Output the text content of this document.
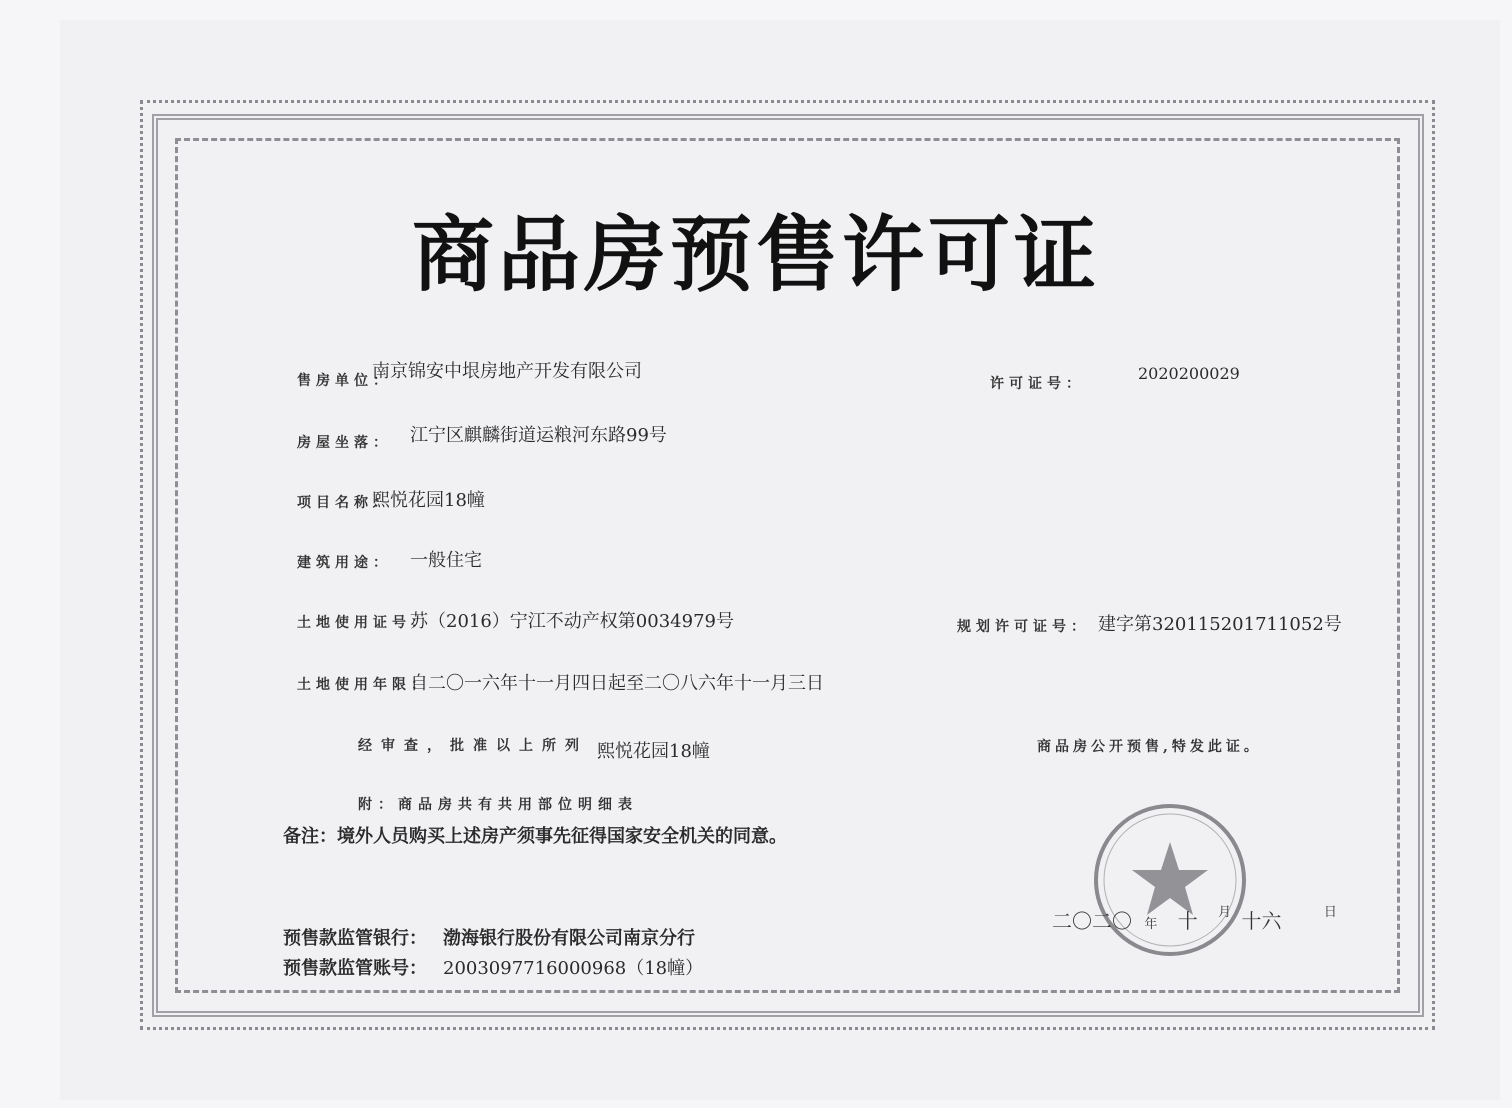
商品房预售许可证
售房单位：
南京锦安中垠房地产开发有限公司
许可证号：
2020200029
房屋坐落： 江宁区麒麟街道运粮河东路99号
项目名称：
熙悦花园18幢
建筑用途： 一般住宅
土地使用证号：
苏（2016）宁江不动产权第0034979号	规划许可证号： 建字第320115201711052号
土地使用年限：
自二〇一六年十一月四日起至二〇八六年十一月三日
经审查，批准以上所列 熙悦花园18幢	商品房公开预售,特发此证。
附：商品房共有共用部位明细表
备注：境外人员购买上述房产须事先征得国家安全机关的同意。
预售款监管银行： 渤海银行股份有限公司南京分行
预售款监管账号： 2003097716000968（18幢）
二〇二〇 年 十 $^月$ 十六	$^日$
